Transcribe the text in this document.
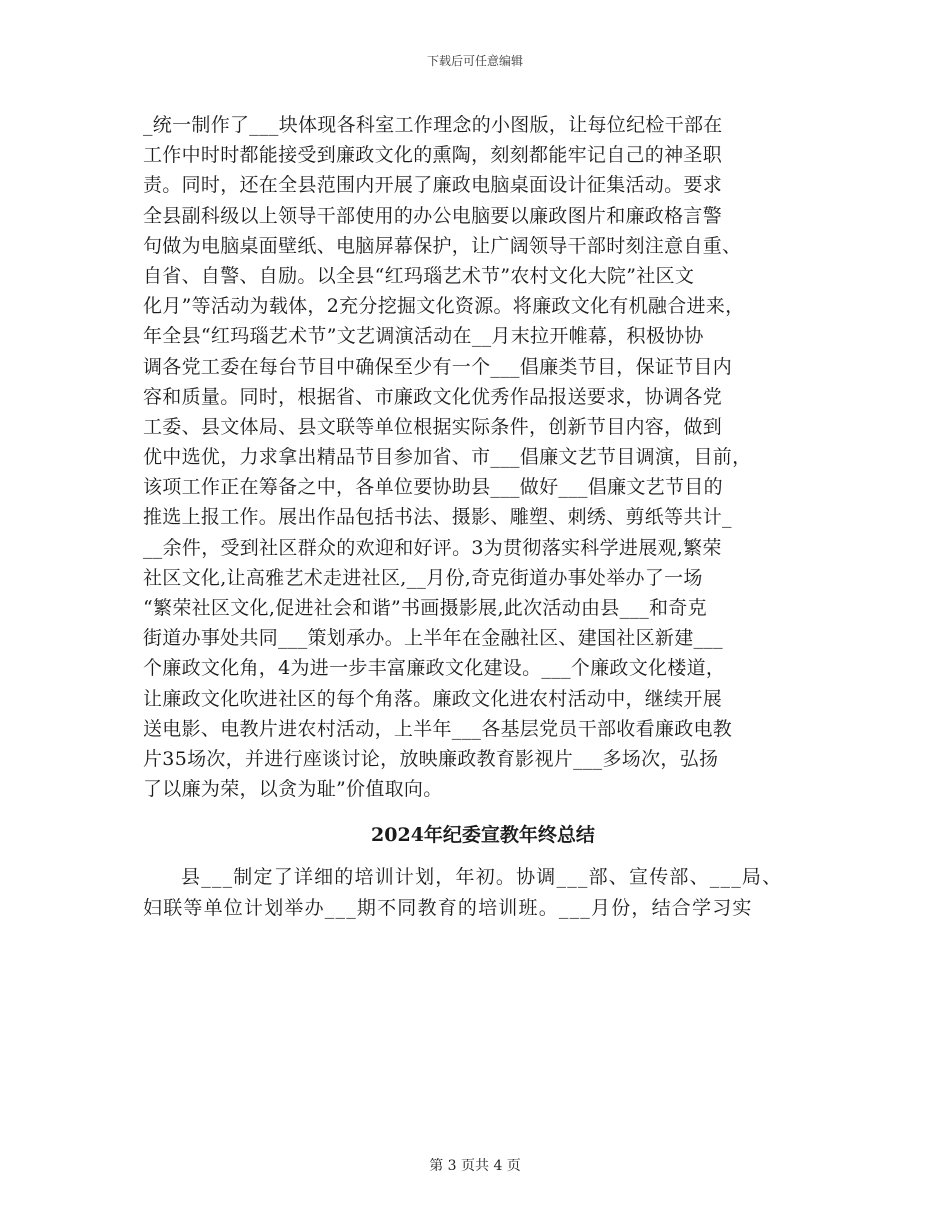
下载后可任意编辑
_统一制作了___块体现各科室工作理念的小图版，让每位纪检干部在
工作中时时都能接受到廉政文化的熏陶，刻刻都能牢记自己的神圣职
责。同时，还在全县范围内开展了廉政电脑桌面设计征集活动。要求
全县副科级以上领导干部使用的办公电脑要以廉政图片和廉政格言警
句做为电脑桌面壁纸、电脑屏幕保护，让广阔领导干部时刻注意自重、
自省、自警、自励。以全县“红玛瑙艺术节”农村文化大院”社区文
化月”等活动为载体，2充分挖掘文化资源。将廉政文化有机融合进来，
年全县“红玛瑙艺术节”文艺调演活动在__月末拉开帷幕，积极协协
调各党工委在每台节目中确保至少有一个___倡廉类节目，保证节目内
容和质量。同时，根据省、市廉政文化优秀作品报送要求，协调各党
工委、县文体局、县文联等单位根据实际条件，创新节目内容，做到
优中选优，力求拿出精品节目参加省、市___倡廉文艺节目调演，目前，
该项工作正在筹备之中，各单位要协助县___做好___倡廉文艺节目的
推选上报工作。展出作品包括书法、摄影、雕塑、刺绣、剪纸等共计_
__余件，受到社区群众的欢迎和好评。3为贯彻落实科学进展观,繁荣
社区文化,让高雅艺术走进社区,__月份,奇克街道办事处举办了一场
“繁荣社区文化,促进社会和谐”书画摄影展,此次活动由县___和奇克
街道办事处共同___策划承办。上半年在金融社区、建国社区新建___
个廉政文化角，4为进一步丰富廉政文化建设。___个廉政文化楼道，
让廉政文化吹进社区的每个角落。廉政文化进农村活动中，继续开展
送电影、电教片进农村活动，上半年___各基层党员干部收看廉政电教
片35场次，并进行座谈讨论，放映廉政教育影视片___多场次，弘扬
了以廉为荣，以贪为耻”价值取向。
2024年纪委宣教年终总结
县___制定了详细的培训计划，年初。协调___部、宣传部、___局、
妇联等单位计划举办___期不同教育的培训班。___月份，结合学习实
第 3 页共 4 页
